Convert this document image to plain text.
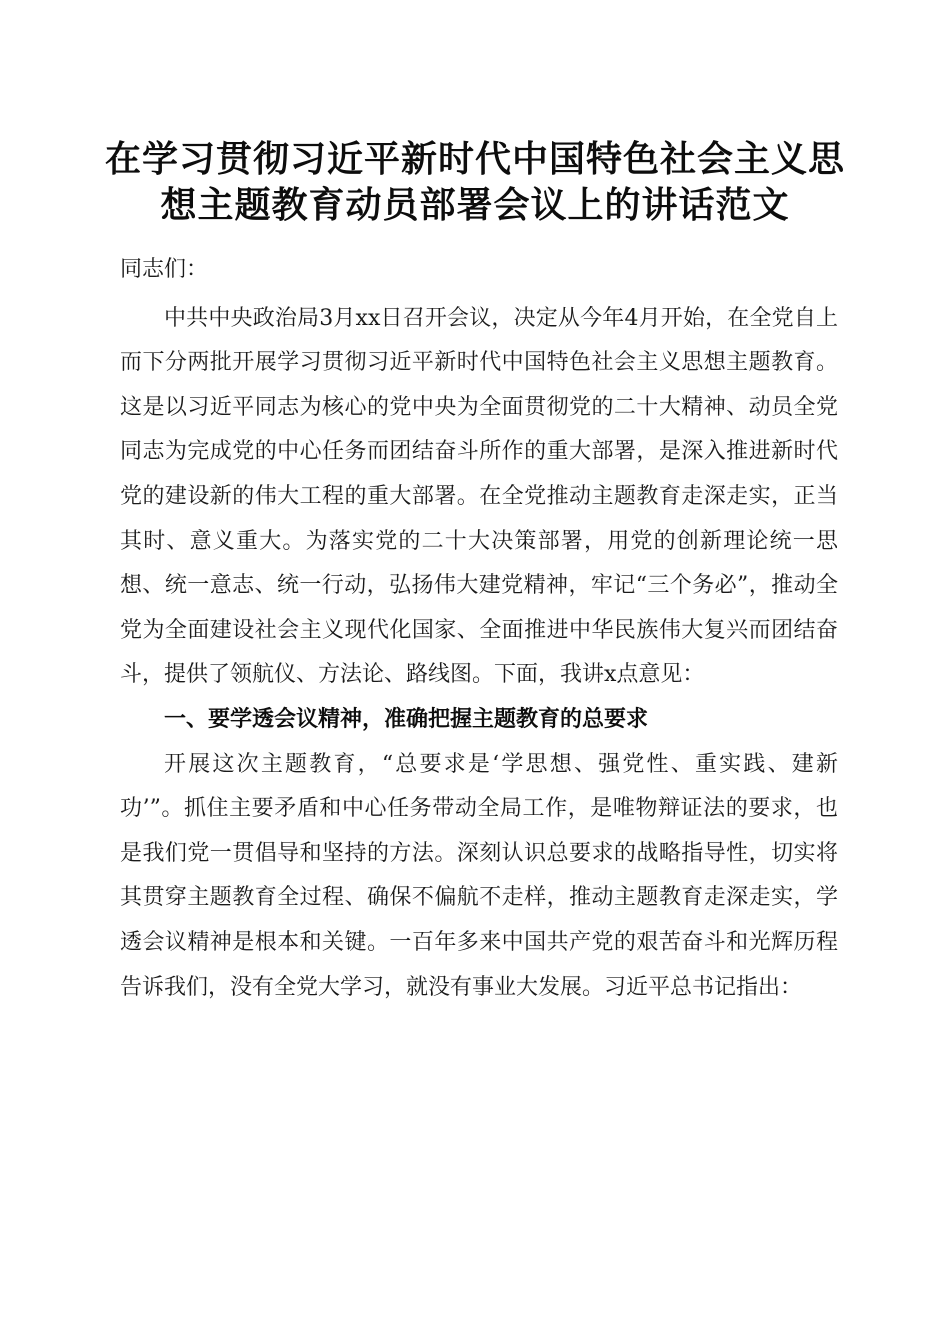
在学习贯彻习近平新时代中国特色社会主义思想主题教育动员部署会议上的讲话范文

同志们：

中共中央政治局3月xx日召开会议，决定从今年4月开始，在全党自上而下分两批开展学习贯彻习近平新时代中国特色社会主义思想主题教育。这是以习近平同志为核心的党中央为全面贯彻党的二十大精神、动员全党同志为完成党的中心任务而团结奋斗所作的重大部署，是深入推进新时代党的建设新的伟大工程的重大部署。在全党推动主题教育走深走实，正当其时、意义重大。为落实党的二十大决策部署，用党的创新理论统一思想、统一意志、统一行动，弘扬伟大建党精神，牢记“三个务必”，推动全党为全面建设社会主义现代化国家、全面推进中华民族伟大复兴而团结奋斗，提供了领航仪、方法论、路线图。下面，我讲x点意见：

一、要学透会议精神，准确把握主题教育的总要求

开展这次主题教育，“总要求是‘学思想、强党性、重实践、建新功’”。抓住主要矛盾和中心任务带动全局工作，是唯物辩证法的要求，也是我们党一贯倡导和坚持的方法。深刻认识总要求的战略指导性，切实将其贯穿主题教育全过程、确保不偏航不走样，推动主题教育走深走实，学透会议精神是根本和关键。一百年多来中国共产党的艰苦奋斗和光辉历程告诉我们，没有全党大学习，就没有事业大发展。习近平总书记指出：
